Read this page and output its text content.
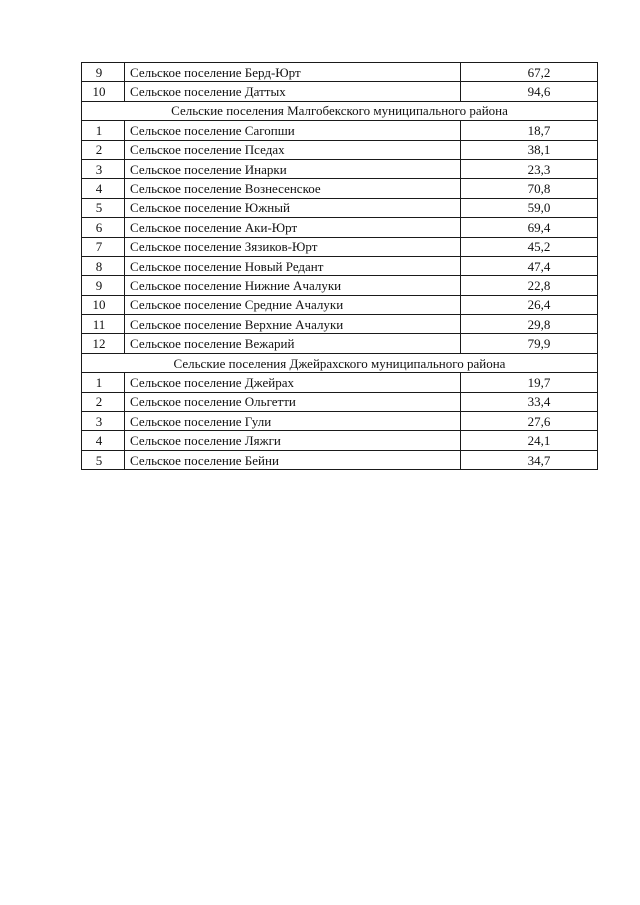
9	Сельское поселение Берд-Юрт	67,2
10	Сельское поселение Даттых	94,6
Сельские поселения Малгобекского муниципального района		
1	Сельское поселение Сагопши	18,7
2	Сельское поселение Пседах	38,1
3	Сельское поселение Инарки	23,3
4	Сельское поселение Вознесенское	70,8
5	Сельское поселение Южный	59,0
6	Сельское поселение Аки-Юрт	69,4
7	Сельское поселение Зязиков-Юрт	45,2
8	Сельское поселение Новый Редант	47,4
9	Сельское поселение Нижние Ачалуки	22,8
10	Сельское поселение Средние Ачалуки	26,4
11	Сельское поселение Верхние Ачалуки	29,8
12	Сельское поселение Вежарий	79,9
Сельские поселения Джейрахского муниципального района		
1	Сельское поселение Джейрах	19,7
2	Сельское поселение Ольгетти	33,4
3	Сельское поселение Гули	27,6
4	Сельское поселение Ляжги	24,1
5	Сельское поселение Бейни	34,7
